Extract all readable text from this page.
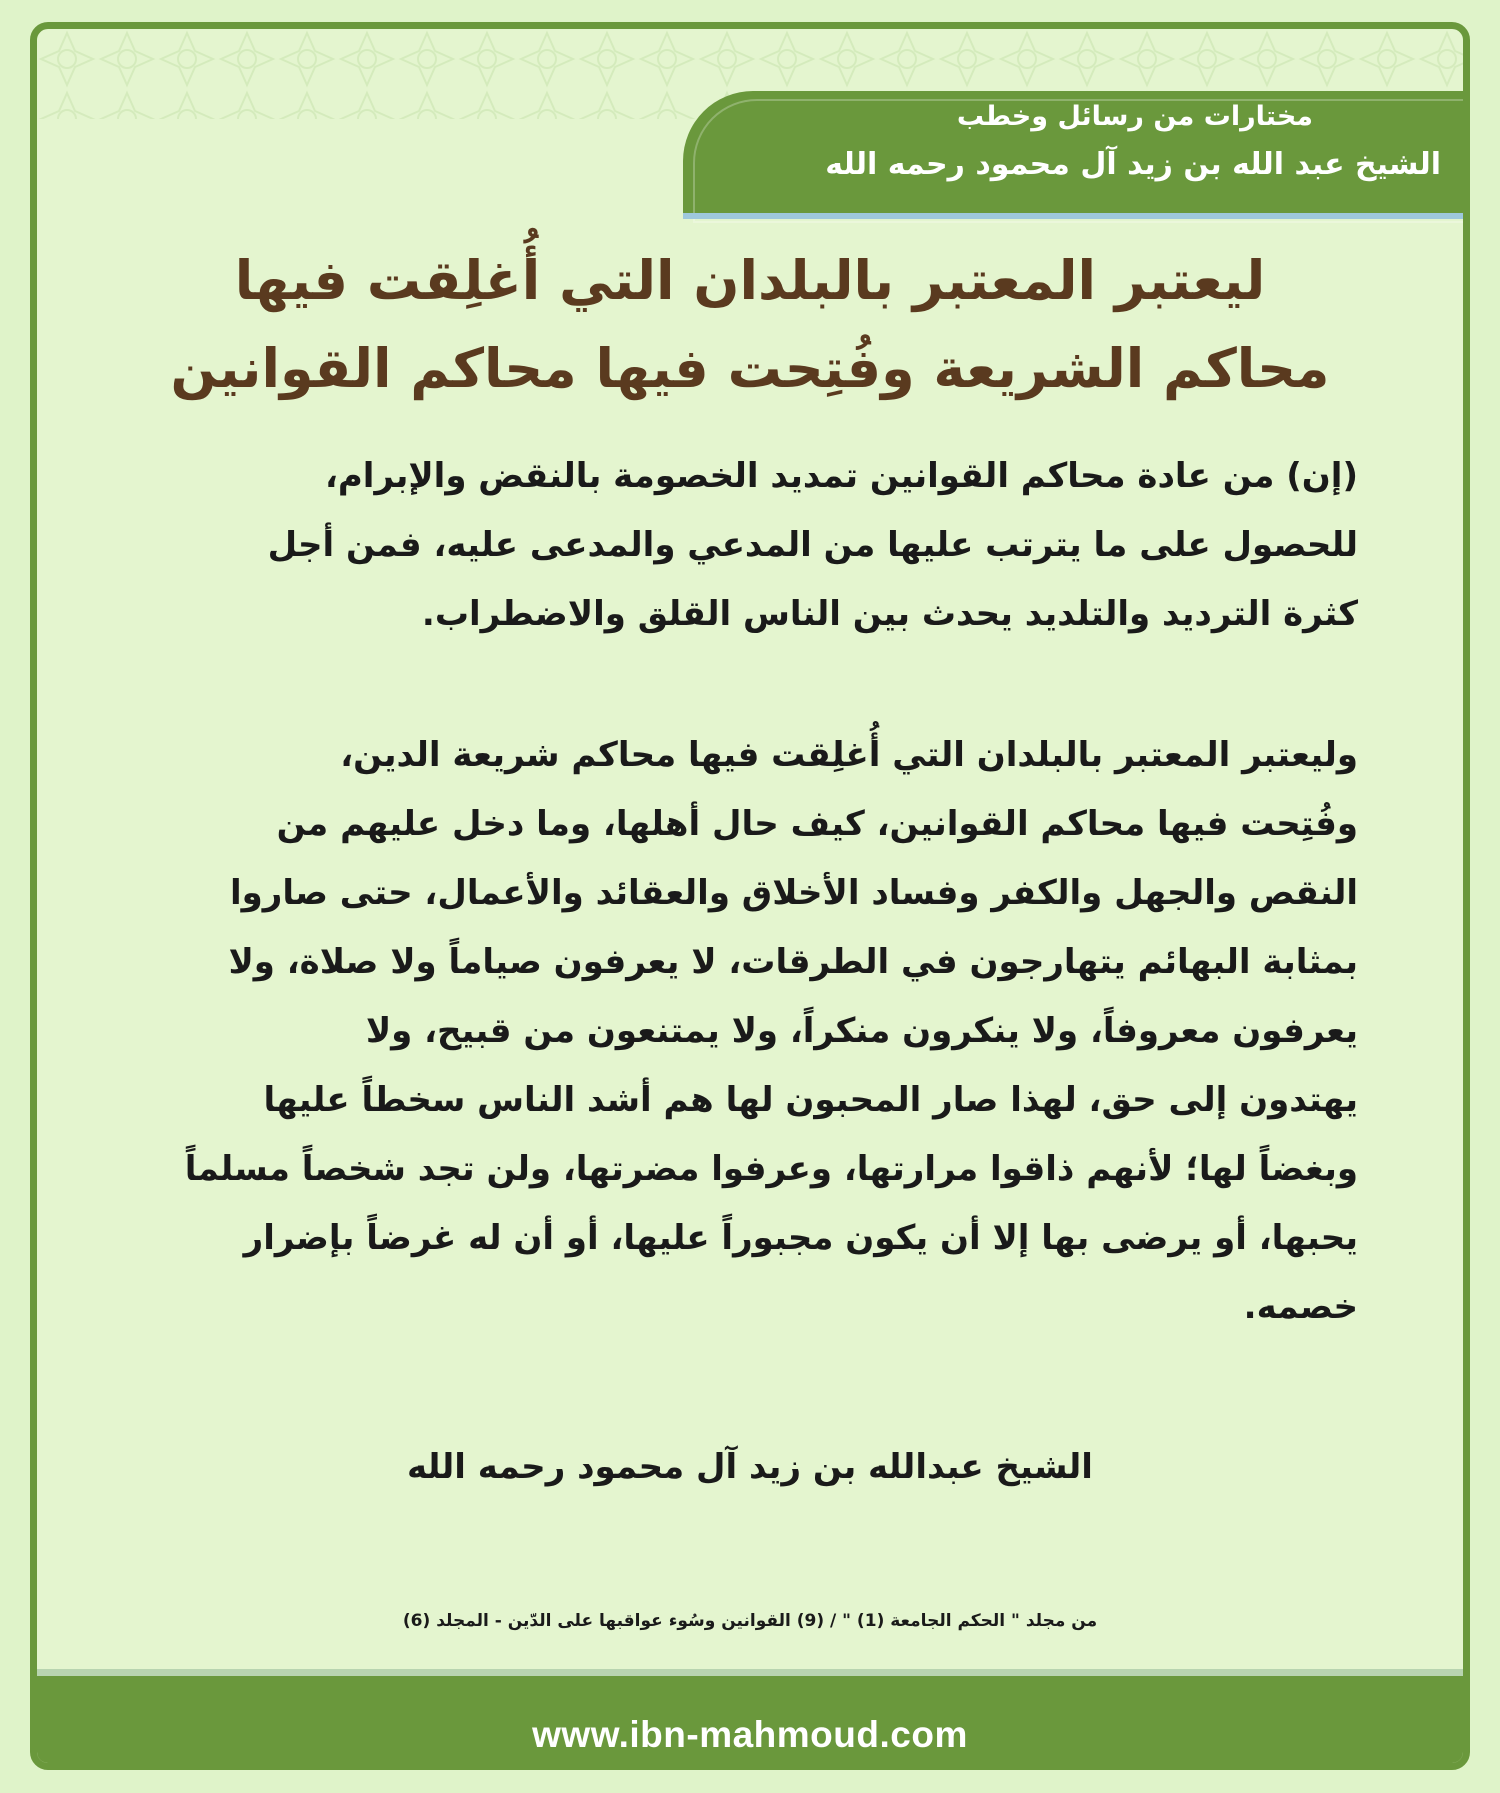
مختارات من رسائل وخطب
الشيخ عبد الله بن زيد آل محمود رحمه الله
ليعتبر المعتبر بالبلدان التي أُغلِقت فيها
محاكم الشريعة وفُتِحت فيها محاكم القوانين
(إن) من عادة محاكم القوانين تمديد الخصومة بالنقض والإبرام،
للحصول على ما يترتب عليها من المدعي والمدعى عليه، فمن أجل
كثرة الترديد والتلديد يحدث بين الناس القلق والاضطراب.
وليعتبر المعتبر بالبلدان التي أُغلِقت فيها محاكم شريعة الدين،
وفُتِحت فيها محاكم القوانين، كيف حال أهلها، وما دخل عليهم من
النقص والجهل والكفر وفساد الأخلاق والعقائد والأعمال، حتى صاروا
بمثابة البهائم يتهارجون في الطرقات، لا يعرفون صياماً ولا صلاة، ولا
يعرفون معروفاً، ولا ينكرون منكراً، ولا يمتنعون من قبيح، ولا
يهتدون إلى حق، لهذا صار المحبون لها هم أشد الناس سخطاً عليها
وبغضاً لها؛ لأنهم ذاقوا مرارتها، وعرفوا مضرتها، ولن تجد شخصاً مسلماً
يحبها، أو يرضى بها إلا أن يكون مجبوراً عليها، أو أن له غرضاً بإضرار
خصمه.
الشيخ عبدالله بن زيد آل محمود رحمه الله
من مجلد " الحكم الجامعة (1) " / (9) القوانين وسُوء عواقبها على الدّين - المجلد (6)
www.ibn-mahmoud.com
